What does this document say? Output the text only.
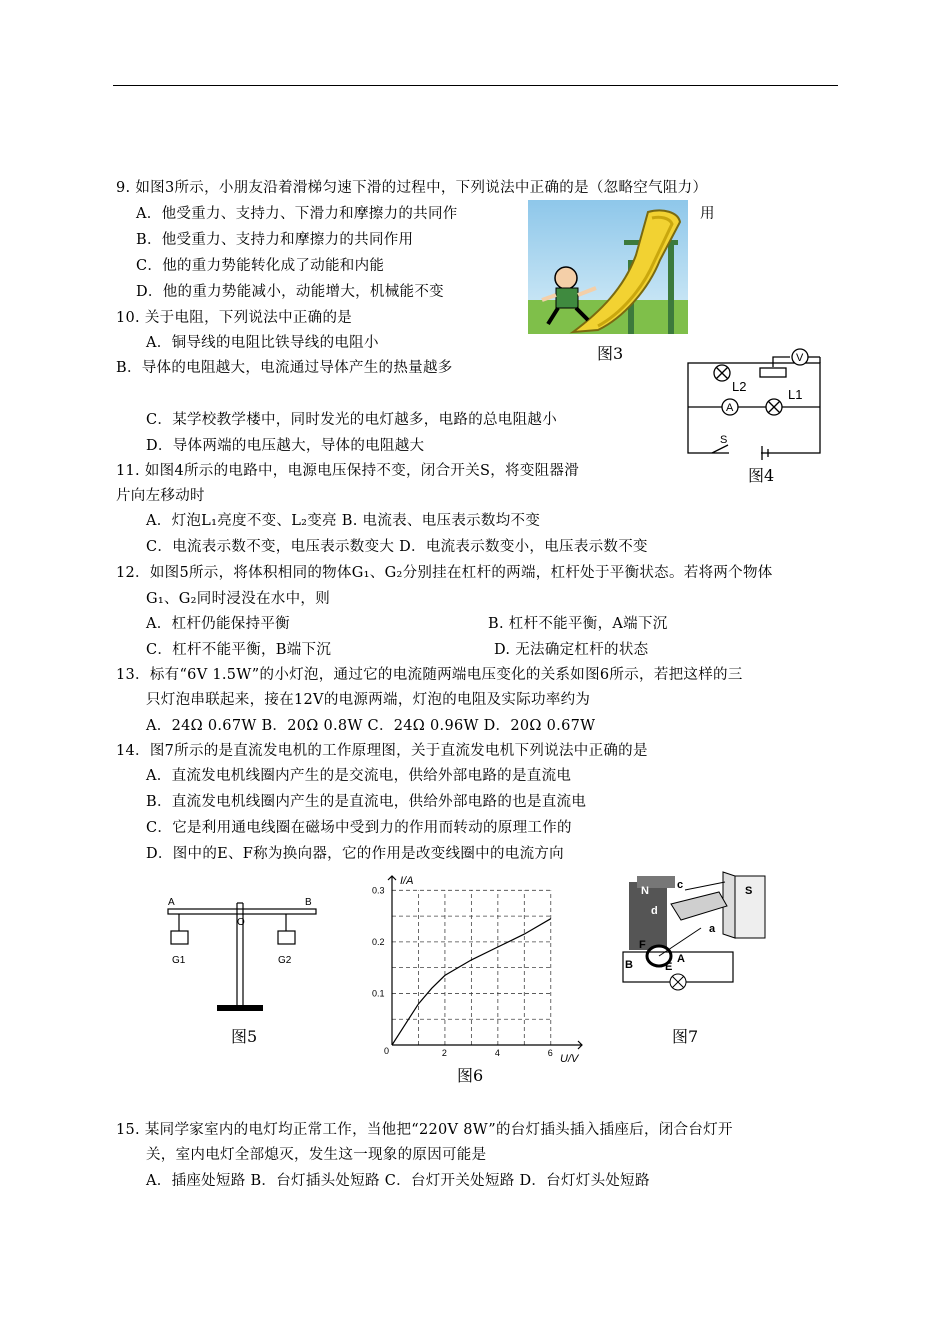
9. 如图3所示，小朋友沿着滑梯匀速下滑的过程中，下列说法中正确的是（忽略空气阻力）
A．他受重力、支持力、下滑力和摩擦力的共同作	用
B．他受重力、支持力和摩擦力的共同作用
C．他的重力势能转化成了动能和内能
D．他的重力势能减小，动能增大，机械能不变
图3
10. 关于电阻，下列说法中正确的是
A．铜导线的电阻比铁导线的电阻小
B．导体的电阻越大，电流通过导体产生的热量越多
C．某学校教学楼中，同时发光的电灯越多，电路的总电阻越小
D．导体两端的电压越大，导体的电阻越大
V
A
L2
L1
S
图4
11. 如图4所示的电路中，电源电压保持不变，闭合开关S，将变阻器滑
片向左移动时
A．灯泡L₁亮度不变、L₂变亮 B. 电流表、电压表示数均不变
C．电流表示数不变，电压表示数变大 D．电流表示数变小，电压表示数不变
12．如图5所示，将体积相同的物体G₁、G₂分别挂在杠杆的两端，杠杆处于平衡状态。若将两个物体
G₁、G₂同时浸没在水中，则
A．杠杆仍能保持平衡	B. 杠杆不能平衡，A端下沉
C．杠杆不能平衡，B端下沉	D. 无法确定杠杆的状态
13．标有“6V 1.5W”的小灯泡，通过它的电流随两端电压变化的关系如图6所示，若把这样的三
只灯泡串联起来，接在12V的电源两端，灯泡的电阻及实际功率约为
A．24Ω 0.67W B．20Ω 0.8W C．24Ω 0.96W D．20Ω 0.67W
14．图7所示的是直流发电机的工作原理图，关于直流发电机下列说法中正确的是
A．直流发电机线圈内产生的是交流电，供给外部电路的是直流电
B．直流发电机线圈内产生的是直流电，供给外部电路的也是直流电
C．它是利用通电线圈在磁场中受到力的作用而转动的原理工作的
D．图中的E、F称为换向器，它的作用是改变线圈中的电流方向
A	B
O
G1	G2
图5
2	4	6
0.1
0.2
0.3
0
I/A
U/V
图6
N	S
c
d
a
F
E
A
B
图7
15. 某同学家室内的电灯均正常工作，当他把“220V 8W”的台灯插头插入插座后，闭合台灯开
关，室内电灯全部熄灭，发生这一现象的原因可能是
A．插座处短路 B．台灯插头处短路 C．台灯开关处短路 D．台灯灯头处短路
